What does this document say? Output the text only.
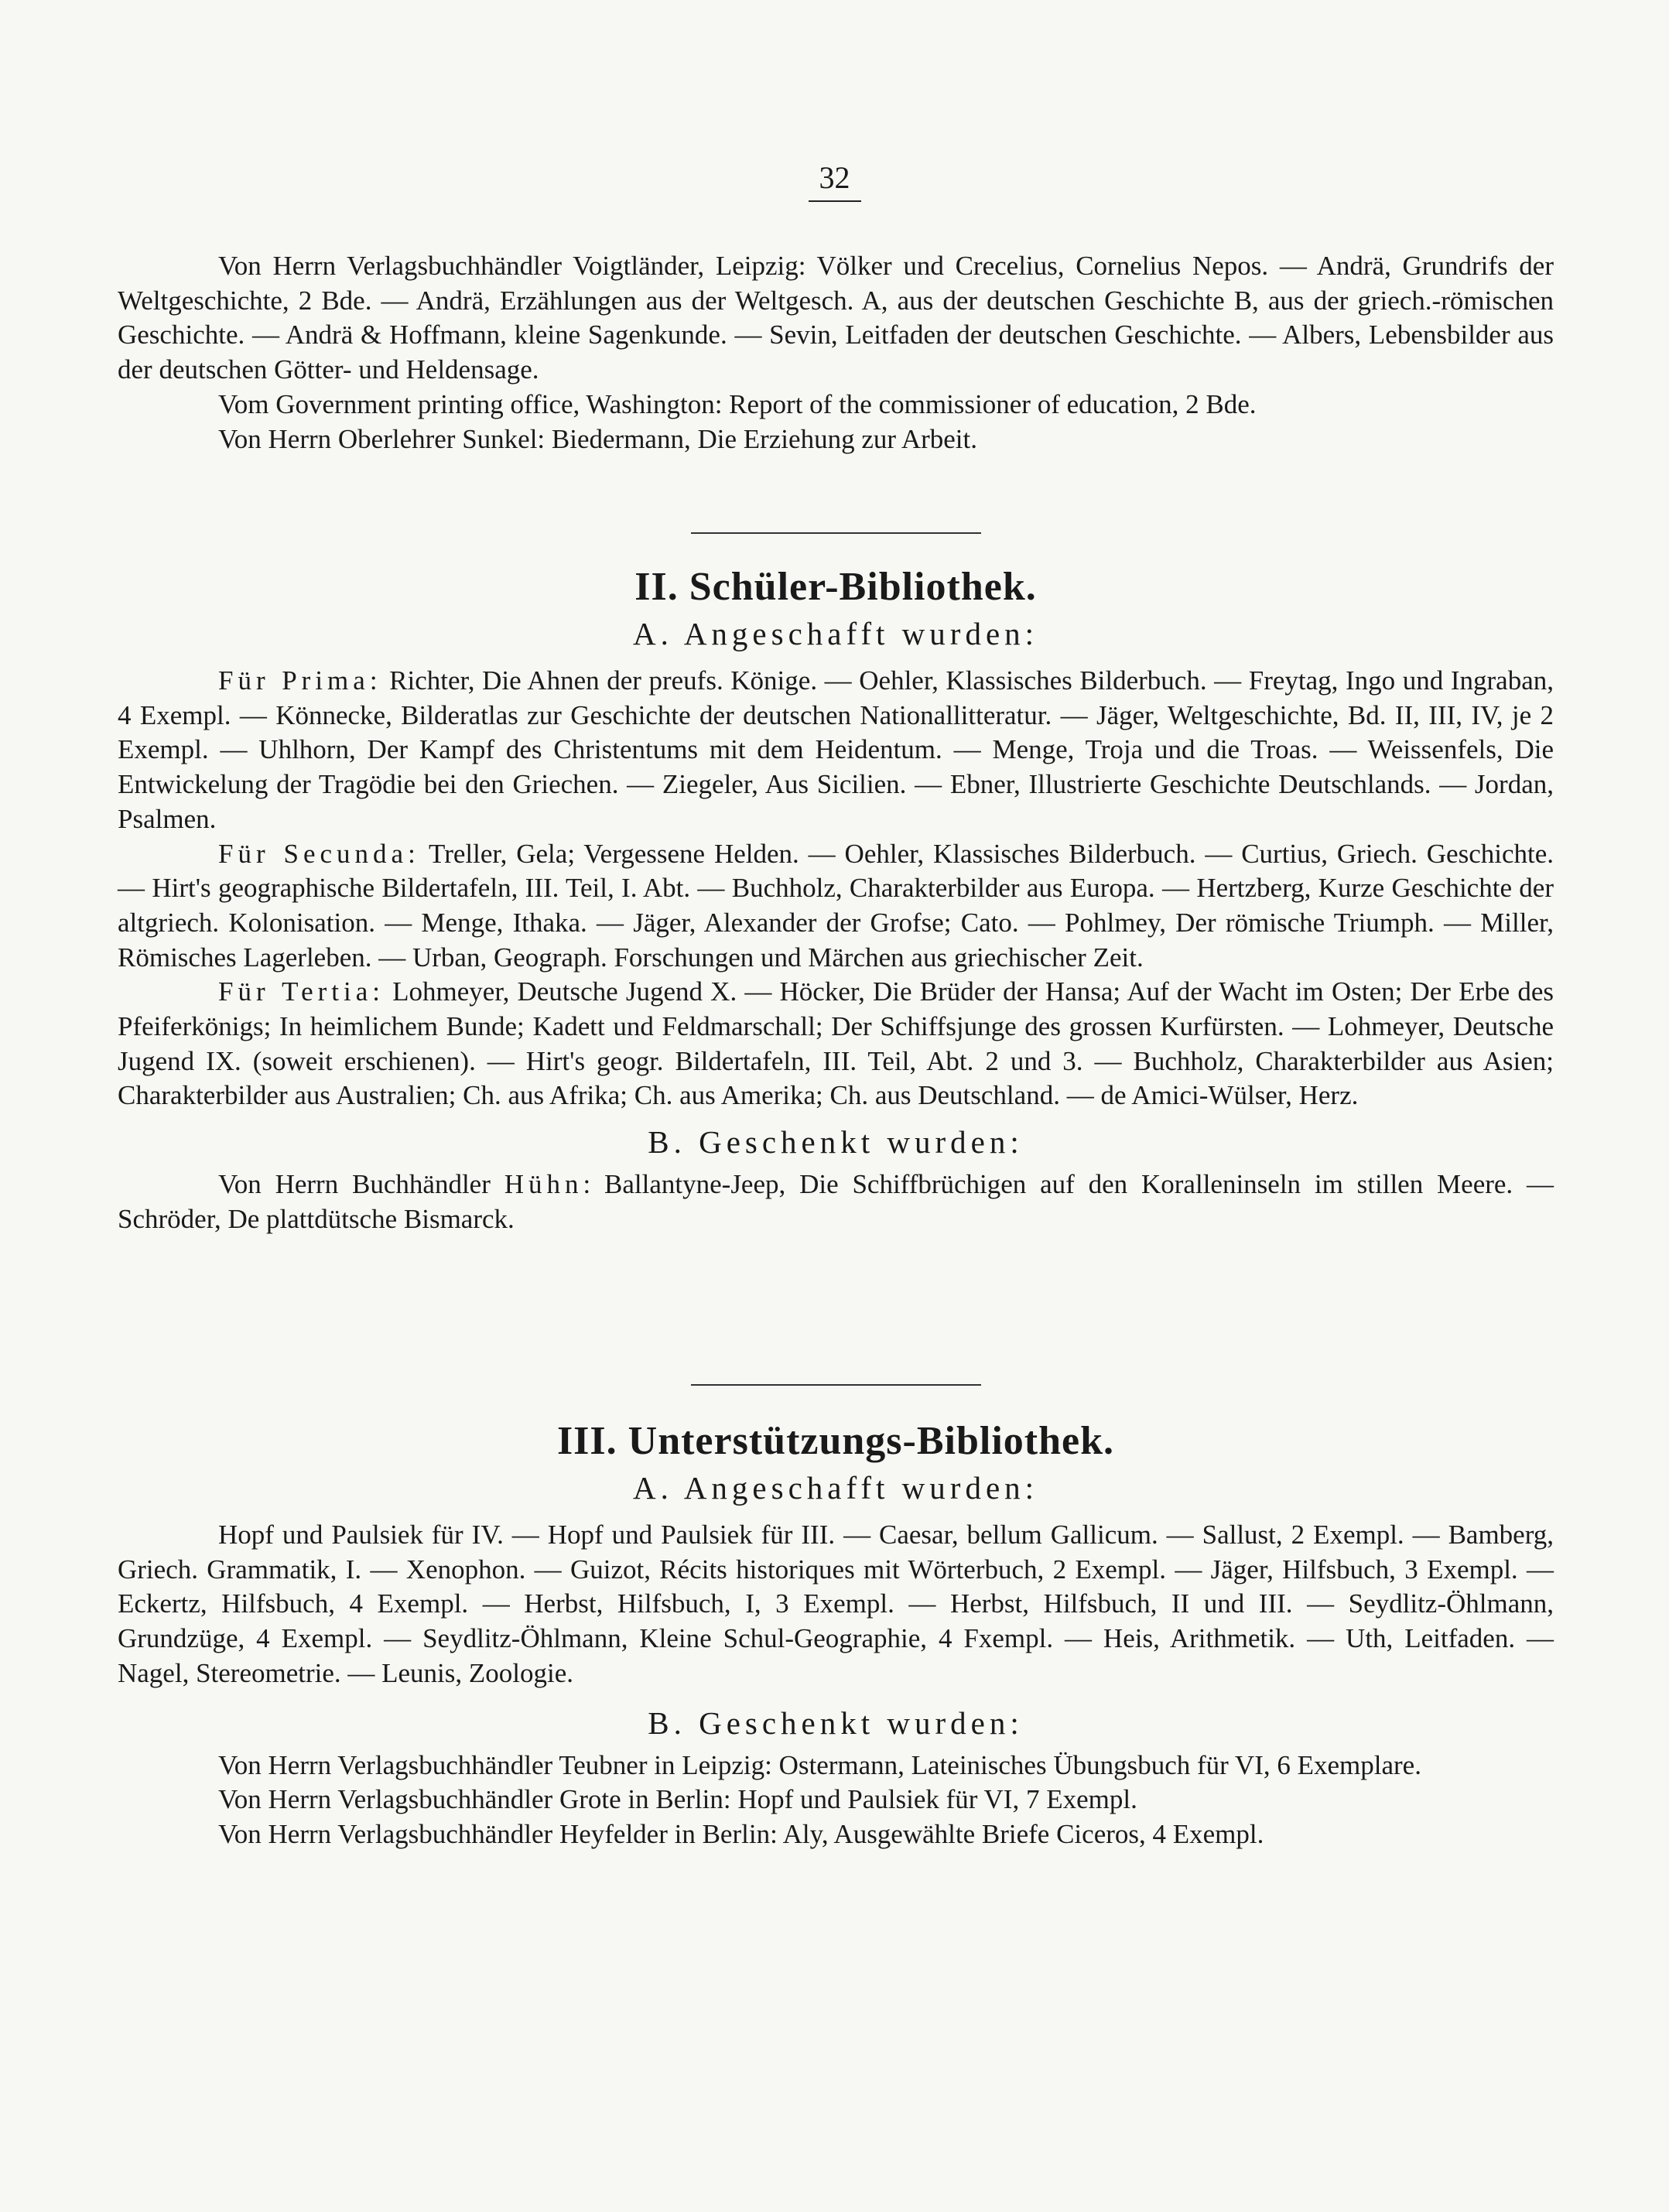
32

Von Herrn Verlagsbuchhändler Voigtländer, Leipzig: Völker und Crecelius, Cornelius Nepos. — Andrä, Grundrifs der Weltgeschichte, 2 Bde. — Andrä, Erzählungen aus der Weltgesch. A, aus der deutschen Geschichte B, aus der griech.-römischen Geschichte. — Andrä & Hoffmann, kleine Sagenkunde. — Sevin, Leitfaden der deutschen Geschichte. — Albers, Lebensbilder aus der deutschen Götter- und Heldensage.

Vom Government printing office, Washington: Report of the commissioner of education, 2 Bde.

Von Herrn Oberlehrer Sunkel: Biedermann, Die Erziehung zur Arbeit.

II. Schüler-Bibliothek.
A. Angeschafft wurden:

Für Prima: Richter, Die Ahnen der preufs. Könige. — Oehler, Klassisches Bilderbuch. — Freytag, Ingo und Ingraban, 4 Exempl. — Könnecke, Bilderatlas zur Geschichte der deutschen Nationallitteratur. — Jäger, Weltgeschichte, Bd. II, III, IV, je 2 Exempl. — Uhlhorn, Der Kampf des Christentums mit dem Heidentum. — Menge, Troja und die Troas. — Weissenfels, Die Entwickelung der Tragödie bei den Griechen. — Ziegeler, Aus Sicilien. — Ebner, Illustrierte Geschichte Deutschlands. — Jordan, Psalmen.

Für Secunda: Treller, Gela; Vergessene Helden. — Oehler, Klassisches Bilderbuch. — Curtius, Griech. Geschichte. — Hirt's geographische Bildertafeln, III. Teil, I. Abt. — Buchholz, Charakterbilder aus Europa. — Hertzberg, Kurze Geschichte der altgriech. Kolonisation. — Menge, Ithaka. — Jäger, Alexander der Grofse; Cato. — Pohlmey, Der römische Triumph. — Miller, Römisches Lagerleben. — Urban, Geograph. Forschungen und Märchen aus griechischer Zeit.

Für Tertia: Lohmeyer, Deutsche Jugend X. — Höcker, Die Brüder der Hansa; Auf der Wacht im Osten; Der Erbe des Pfeiferkönigs; In heimlichem Bunde; Kadett und Feldmarschall; Der Schiffsjunge des grossen Kurfürsten. — Lohmeyer, Deutsche Jugend IX. (soweit erschienen). — Hirt's geogr. Bildertafeln, III. Teil, Abt. 2 und 3. — Buchholz, Charakterbilder aus Asien; Charakterbilder aus Australien; Ch. aus Afrika; Ch. aus Amerika; Ch. aus Deutschland. — de Amici-Wülser, Herz.

B. Geschenkt wurden:

Von Herrn Buchhändler Hühn: Ballantyne-Jeep, Die Schiffbrüchigen auf den Koralleninseln im stillen Meere. — Schröder, De plattdütsche Bismarck.

III. Unterstützungs-Bibliothek.
A. Angeschafft wurden:

Hopf und Paulsiek für IV. — Hopf und Paulsiek für III. — Caesar, bellum Gallicum. — Sallust, 2 Exempl. — Bamberg, Griech. Grammatik, I. — Xenophon. — Guizot, Récits historiques mit Wörterbuch, 2 Exempl. — Jäger, Hilfsbuch, 3 Exempl. — Eckertz, Hilfsbuch, 4 Exempl. — Herbst, Hilfsbuch, I, 3 Exempl. — Herbst, Hilfsbuch, II und III. — Seydlitz-Öhlmann, Grundzüge, 4 Exempl. — Seydlitz-Öhlmann, Kleine Schul-Geographie, 4 Fxempl. — Heis, Arithmetik. — Uth, Leitfaden. — Nagel, Stereometrie. — Leunis, Zoologie.

B. Geschenkt wurden:

Von Herrn Verlagsbuchhändler Teubner in Leipzig: Ostermann, Lateinisches Übungsbuch für VI, 6 Exemplare.

Von Herrn Verlagsbuchhändler Grote in Berlin: Hopf und Paulsiek für VI, 7 Exempl.

Von Herrn Verlagsbuchhändler Heyfelder in Berlin: Aly, Ausgewählte Briefe Ciceros, 4 Exempl.
